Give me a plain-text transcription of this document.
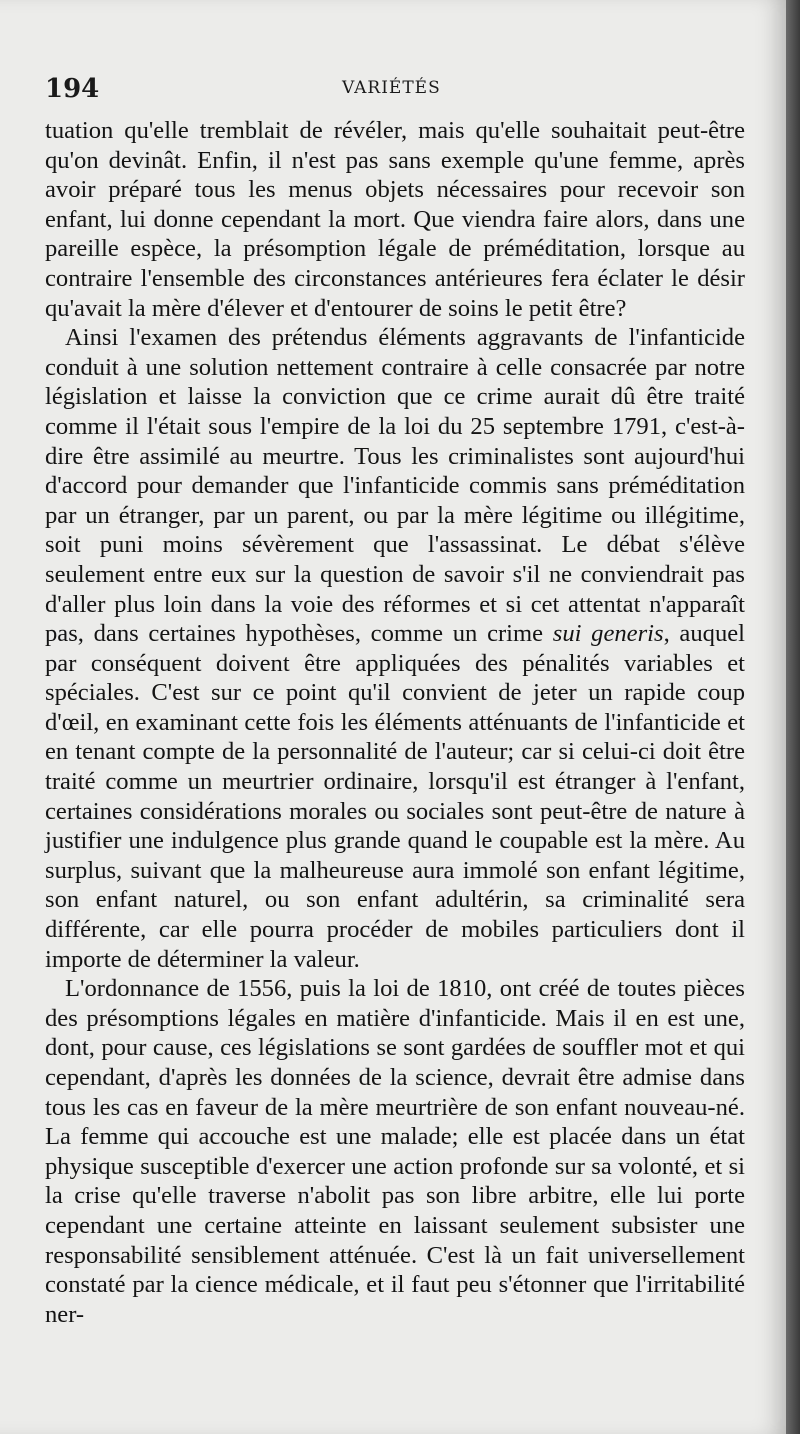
194	VARIÉTÉS

tuation qu'elle tremblait de révéler, mais qu'elle souhaitait peut-être qu'on devinât. Enfin, il n'est pas sans exemple qu'une femme, après avoir préparé tous les menus objets nécessaires pour recevoir son enfant, lui donne cependant la mort. Que viendra faire alors, dans une pareille espèce, la présomption légale de préméditation, lorsque au contraire l'ensemble des circonstances antérieures fera éclater le désir qu'avait la mère d'élever et d'entourer de soins le petit être?

Ainsi l'examen des prétendus éléments aggravants de l'infanticide conduit à une solution nettement contraire à celle consacrée par notre législation et laisse la conviction que ce crime aurait dû être traité comme il l'était sous l'empire de la loi du 25 septembre 1791, c'est-à-dire être assimilé au meurtre. Tous les criminalistes sont aujourd'hui d'accord pour demander que l'infanticide commis sans préméditation par un étranger, par un parent, ou par la mère légitime ou illégitime, soit puni moins sévèrement que l'assassinat. Le débat s'élève seulement entre eux sur la question de savoir s'il ne conviendrait pas d'aller plus loin dans la voie des réformes et si cet attentat n'apparaît pas, dans certaines hypothèses, comme un crime sui generis, auquel par conséquent doivent être appliquées des pénalités variables et spéciales. C'est sur ce point qu'il convient de jeter un rapide coup d'œil, en examinant cette fois les éléments atténuants de l'infanticide et en tenant compte de la personnalité de l'auteur; car si celui-ci doit être traité comme un meurtrier ordinaire, lorsqu'il est étranger à l'enfant, certaines considérations morales ou sociales sont peut-être de nature à justifier une indulgence plus grande quand le coupable est la mère. Au surplus, suivant que la malheureuse aura immolé son enfant légitime, son enfant naturel, ou son enfant adultérin, sa criminalité sera différente, car elle pourra procéder de mobiles particuliers dont il importe de déterminer la valeur.

L'ordonnance de 1556, puis la loi de 1810, ont créé de toutes pièces des présomptions légales en matière d'infanticide. Mais il en est une, dont, pour cause, ces législations se sont gardées de souffler mot et qui cependant, d'après les données de la science, devrait être admise dans tous les cas en faveur de la mère meurtrière de son enfant nouveau-né. La femme qui accouche est une malade; elle est placée dans un état physique susceptible d'exercer une action profonde sur sa volonté, et si la crise qu'elle traverse n'abolit pas son libre arbitre, elle lui porte cependant une certaine atteinte en laissant seulement subsister une responsabilité sensiblement atténuée. C'est là un fait universellement constaté par la cience médicale, et il faut peu s'étonner que l'irritabilité ner-
